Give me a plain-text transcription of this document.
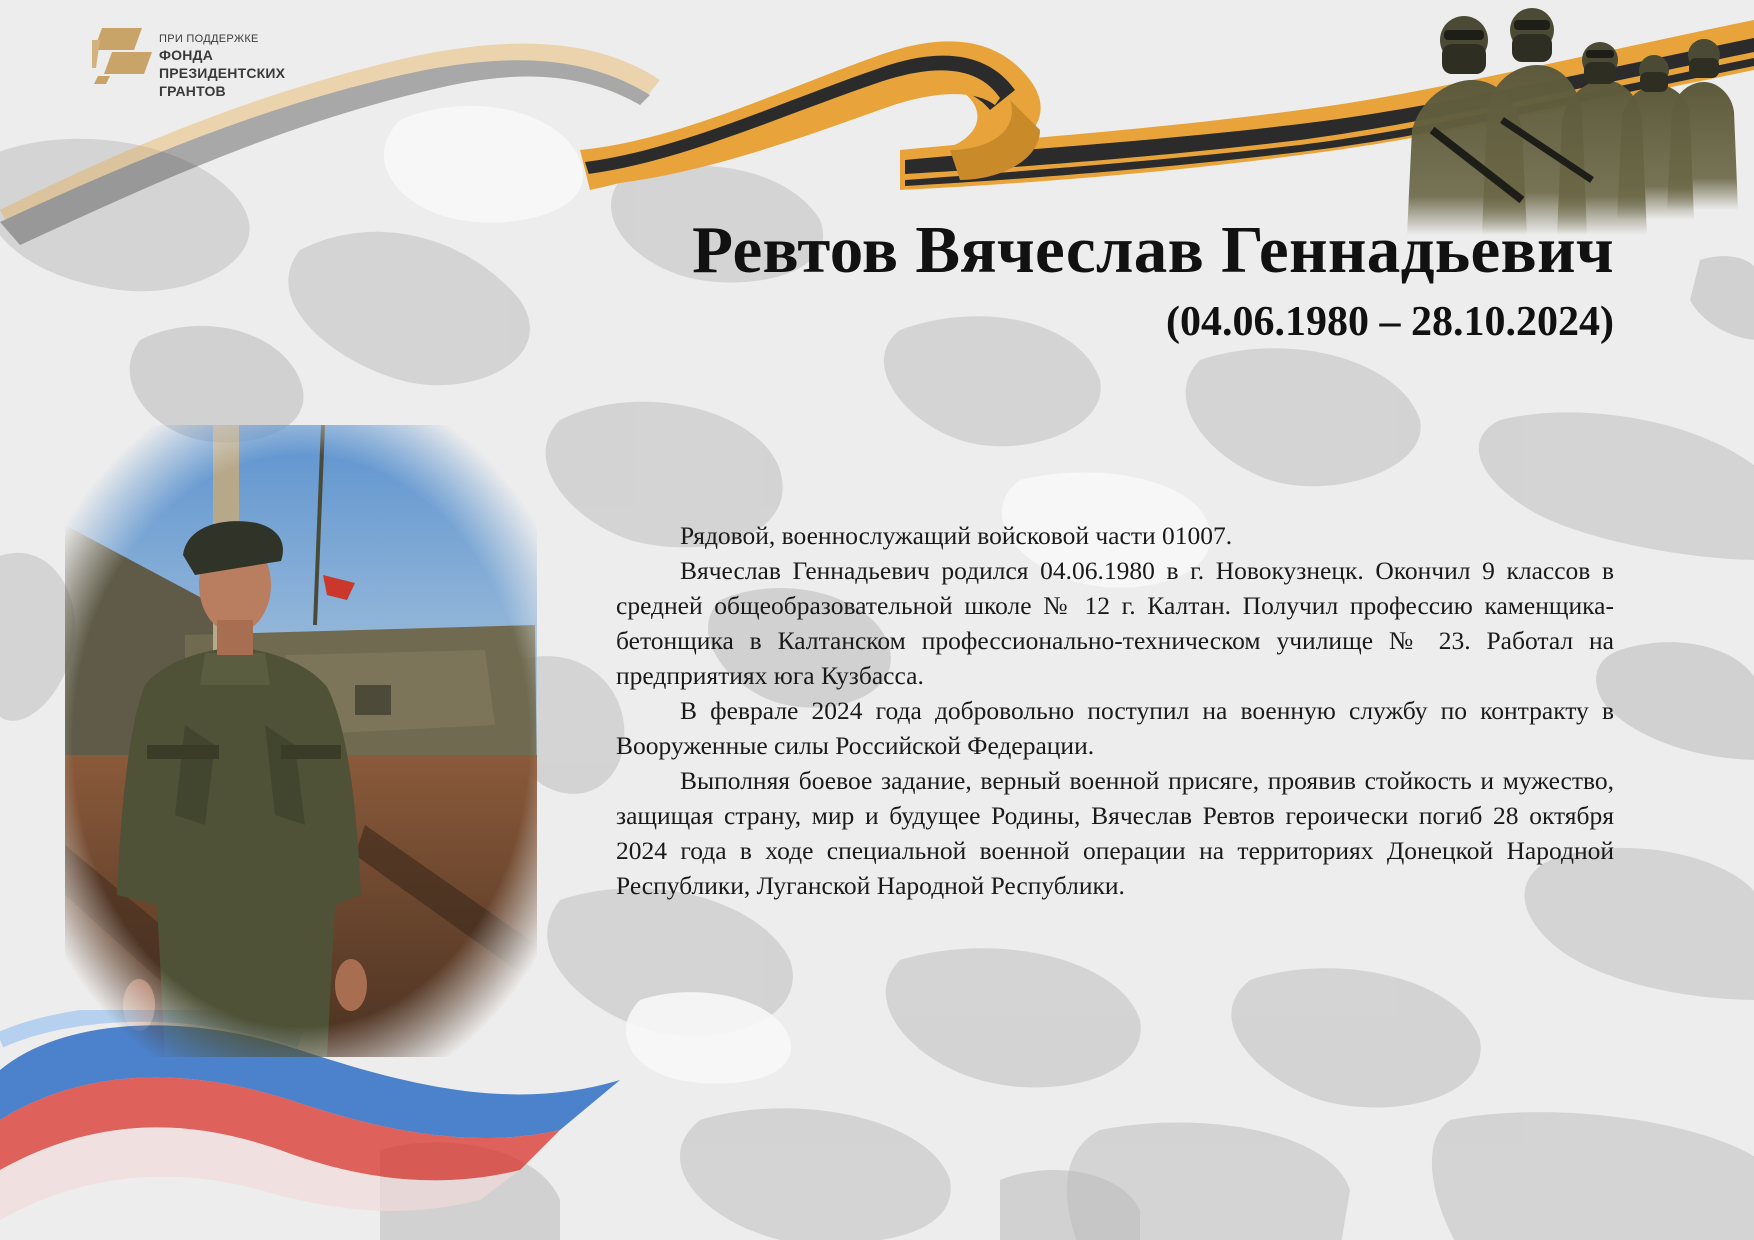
ПРИ ПОДДЕРЖКЕ
ФОНДА
ПРЕЗИДЕНТСКИХ
ГРАНТОВ
Ревтов Вячеслав Геннадьевич
(04.06.1980 – 28.10.2024)

Рядовой, военнослужащий войсковой части 01007.

Вячеслав Геннадьевич родился 04.06.1980 в г. Новокузнецк. Окончил 9 классов в средней общеобразовательной школе № 12 г. Калтан. Получил профессию каменщика-бетонщика в Калтанском профессионально-техническом училище № 23. Работал на предприятиях юга Кузбасса.

В феврале 2024 года добровольно поступил на военную службу по контракту в Вооруженные силы Российской Федерации.

Выполняя боевое задание, верный военной присяге, проявив стойкость и мужество, защищая страну, мир и будущее Родины, Вячеслав Ревтов героически погиб 28 октября 2024 года в ходе специальной военной операции на территориях Донецкой Народной Республики, Луганской Народной Республики.
